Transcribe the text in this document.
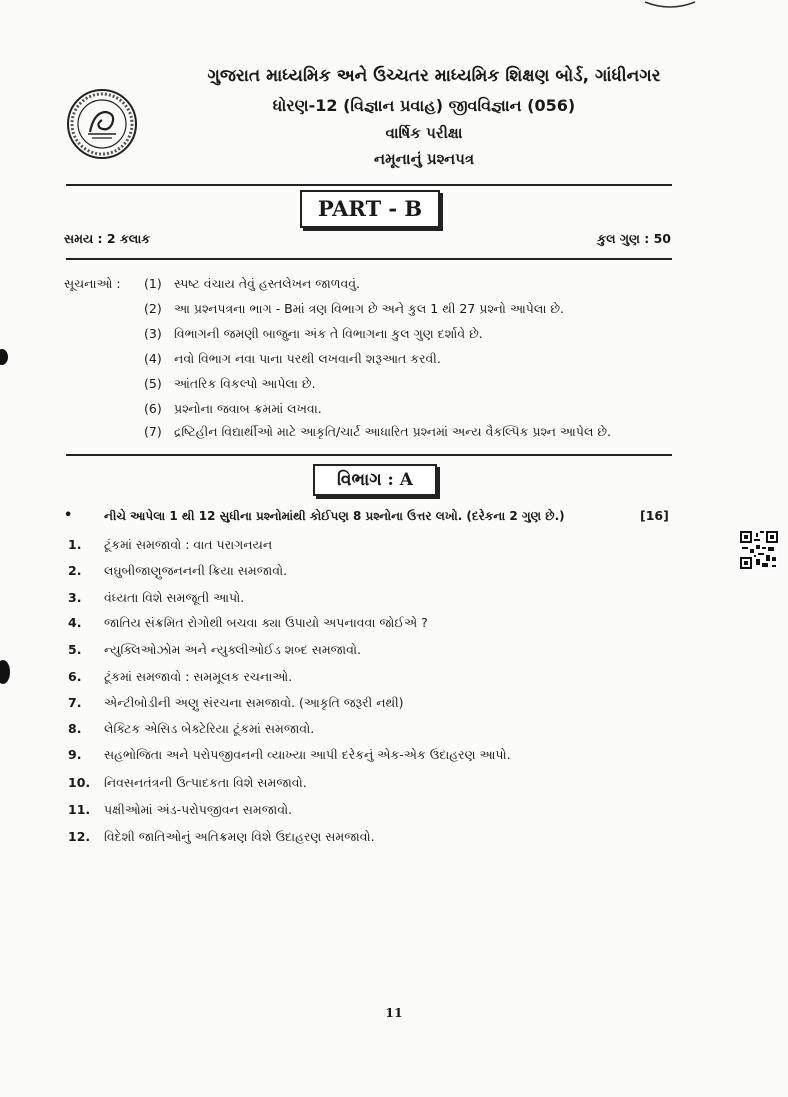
ગુજરાત માધ્યમિક અને ઉચ્ચતર માધ્યમિક શિક્ષણ બોર્ડ, ગાંધીનગર
ધોરણ-12 (વિજ્ઞાન પ્રવાહ) જીવવિજ્ઞાન (056)
વાર્ષિક પરીક્ષા
નમૂનાનું પ્રશ્નપત્ર
PART - B
સમય : 2 કલાક	કુલ ગુણ : 50
સૂચનાઓ : (1) સ્પષ્ટ વંચાય તેવું હસ્તલેખન જાળવવું.
(2) આ પ્રશ્નપત્રના ભાગ - Bમાં ત્રણ વિભાગ છે અને કુલ 1 થી 27 પ્રશ્નો આપેલા છે.
(3) વિભાગની જમણી બાજુના અંક તે વિભાગના કુલ ગુણ દર્શાવે છે.
(4) નવો વિભાગ નવા પાના પરથી લખવાની શરૂઆત કરવી.
(5) આંતરિક વિકલ્પો આપેલા છે.
(6) પ્રશ્નોના જવાબ ક્રમમાં લખવા.
(7) દ્રષ્ટિહીન વિદ્યાર્થીઓ માટે આકૃતિ/ચાર્ટ આધારિત પ્રશ્નમાં અન્ય વૈકલ્પિક પ્રશ્ન આપેલ છે.
વિભાગ : A
•	નીચે આપેલા 1 થી 12 સુધીના પ્રશ્નોમાંથી કોઈપણ 8 પ્રશ્નોના ઉત્તર લખો. (દરેકના 2 ગુણ છે.)	[16]
1. ટૂંકમાં સમજાવો : વાત પરાગનયન
2. લઘુબીજાણુજનનની ક્રિયા સમજાવો.
3. વંધ્યતા વિશે સમજૂતી આપો.
4. જાતિય સંક્રમિત રોગોથી બચવા ક્યા ઉપાયો અપનાવવા જોઈએ ?
5. ન્યુક્લિઓઝોમ અને ન્યુક્લીઓઈડ શબ્દ સમજાવો.
6. ટૂંકમાં સમજાવો : સમમૂલક રચનાઓ.
7. એન્ટીબોડીની અણુ સંરચના સમજાવો. (આકૃતિ જરૂરી નથી)
8. લેક્ટિક એસિડ બેક્ટેરિયા ટૂંકમાં સમજાવો.
9. સહભોજિતા અને પરોપજીવનની વ્યાખ્યા આપી દરેકનું એક-એક ઉદાહરણ આપો.
10. નિવસનતંત્રની ઉત્પાદકતા વિશે સમજાવો.
11. પક્ષીઓમાં અંડ-પરોપજીવન સમજાવો.
12. વિદેશી જાતિઓનું અતિક્રમણ વિશે ઉદાહરણ સમજાવો.
11
